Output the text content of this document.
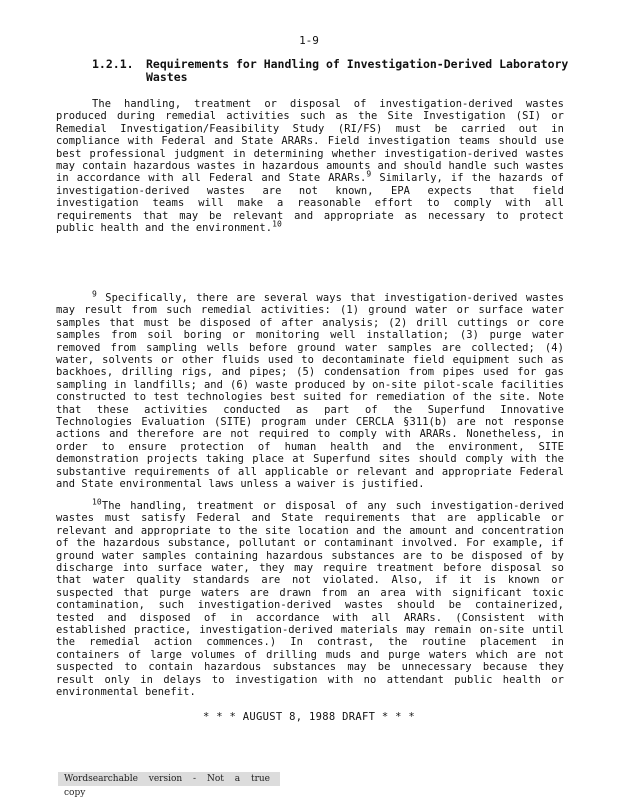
1-9
1.2.1. Requirements for Handling of Investigation-Derived Laboratory Wastes
The handling, treatment or disposal of investigation-derived wastes produced during remedial activities such as the Site Investigation (SI) or Remedial Investigation/Feasibility Study (RI/FS) must be carried out in compliance with Federal and State ARARs. Field investigation teams should use best professional judgment in determining whether investigation-derived wastes may contain hazardous wastes in hazardous amounts and should handle such wastes in accordance with all Federal and State ARARs.$^9$ Similarly, if the hazards of investigation-derived wastes are not known, EPA expects that field investigation teams will make a reasonable effort to comply with all requirements that may be relevant and appropriate as necessary to protect public health and the environment.$^{10}$
$^9$ Specifically, there are several ways that investigation-derived wastes may result from such remedial activities: (1) ground water or surface water samples that must be disposed of after analysis; (2) drill cuttings or core samples from soil boring or monitoring well installation; (3) purge water removed from sampling wells before ground water samples are collected; (4) water, solvents or other fluids used to decontaminate field equipment such as backhoes, drilling rigs, and pipes; (5) condensation from pipes used for gas sampling in landfills; and (6) waste produced by on-site pilot-scale facilities constructed to test technologies best suited for remediation of the site. Note that these activities conducted as part of the Superfund Innovative Technologies Evaluation (SITE) program under CERCLA §311(b) are not response actions and therefore are not required to comply with ARARs. Nonetheless, in order to ensure protection of human health and the environment, SITE demonstration projects taking place at Superfund sites should comply with the substantive requirements of all applicable or relevant and appropriate Federal and State environmental laws unless a waiver is justified.
$^{10}$The handling, treatment or disposal of any such investigation-derived wastes must satisfy Federal and State requirements that are applicable or relevant and appropriate to the site location and the amount and concentration of the hazardous substance, pollutant or contaminant involved. For example, if ground water samples containing hazardous substances are to be disposed of by discharge into surface water, they may require treatment before disposal so that water quality standards are not violated. Also, if it is known or suspected that purge waters are drawn from an area with significant toxic contamination, such investigation-derived wastes should be containerized, tested and disposed of in accordance with all ARARs. (Consistent with established practice, investigation-derived materials may remain on-site until the remedial action commences.) In contrast, the routine placement in containers of large volumes of drilling muds and purge waters which are not suspected to contain hazardous substances may be unnecessary because they result only in delays to investigation with no attendant public health or environmental benefit.
* * * AUGUST 8, 1988 DRAFT * * *
Wordsearchable version - Not a true copy
